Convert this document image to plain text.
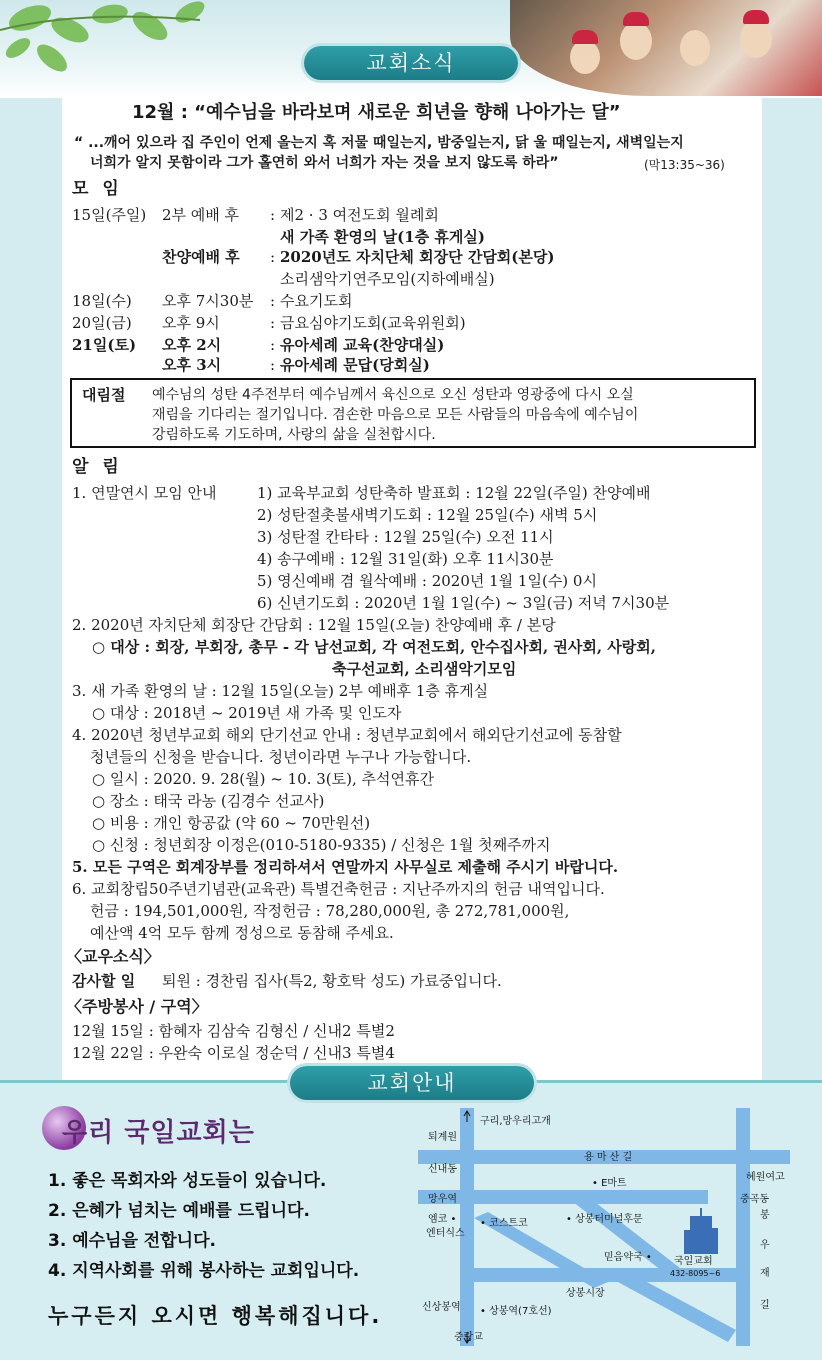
교회소식
12월 : “예수님을 바라보며 새로운 희년을 향해 나아가는 달”
“ ...깨어 있으라 집 주인이 언제 올는지 혹 저물 때일는지, 밤중일는지, 닭 울 때일는지, 새벽일는지
너희가 알지 못함이라 그가 홀연히 와서 너희가 자는 것을 보지 않도록 하라”	(막13:35~36)
모 임
15일(주일) 2부 예배 후 : 제2 · 3 여전도회 월례회
새 가족 환영의 날(1층 휴게실)
찬양예배 후 : 2020년도 자치단체 회장단 간담회(본당)
소리샘악기연주모임(지하예배실)
18일(수) 오후 7시30분 : 수요기도회
20일(금) 오후 9시	: 금요심야기도회(교육위원회)
21일(토) 오후 2시	: 유아세례 교육(찬양대실)
오후 3시	: 유아세례 문답(당회실)
대림절 예수님의 성탄 4주전부터 예수님께서 육신으로 오신 성탄과 영광중에 다시 오실
재림을 기다리는 절기입니다. 겸손한 마음으로 모든 사람들의 마음속에 예수님이
강림하도록 기도하며, 사랑의 삶을 실천합시다.
알 림
1. 연말연시 모임 안내	1) 교육부교회 성탄축하 발표회 : 12월 22일(주일) 찬양예배
2) 성탄절촛불새벽기도회 : 12월 25일(수) 새벽 5시
3) 성탄절 칸타타 : 12월 25일(수) 오전 11시
4) 송구예배 : 12월 31일(화) 오후 11시30분
5) 영신예배 겸 월삭예배 : 2020년 1월 1일(수) 0시
6) 신년기도회 : 2020년 1월 1일(수) ~ 3일(금) 저녁 7시30분
2. 2020년 자치단체 회장단 간담회 : 12월 15일(오늘) 찬양예배 후 / 본당
○ 대상 : 회장, 부회장, 총무 - 각 남선교회, 각 여전도회, 안수집사회, 권사회, 사랑회,
축구선교회, 소리샘악기모임
3. 새 가족 환영의 날 : 12월 15일(오늘) 2부 예배후 1층 휴게실
○ 대상 : 2018년 ~ 2019년 새 가족 및 인도자
4. 2020년 청년부교회 해외 단기선교 안내 : 청년부교회에서 해외단기선교에 동참할
청년들의 신청을 받습니다. 청년이라면 누구나 가능합니다.
○ 일시 : 2020. 9. 28(월) ~ 10. 3(토), 추석연휴간
○ 장소 : 태국 라농 (김경수 선교사)
○ 비용 : 개인 항공값 (약 60 ~ 70만원선)
○ 신청 : 청년회장 이정은(010-5180-9335) / 신청은 1월 첫째주까지
5. 모든 구역은 회계장부를 정리하셔서 연말까지 사무실로 제출해 주시기 바랍니다.
6. 교회창립50주년기념관(교육관) 특별건축헌금 : 지난주까지의 헌금 내역입니다.
헌금 : 194,501,000원, 작정헌금 : 78,280,000원, 총 272,781,000원,
예산액 4억 모두 함께 정성으로 동참해 주세요.
〈교우소식〉
감사할 일 퇴원 : 경찬림 집사(특2, 황호탁 성도) 가료중입니다.
〈주방봉사 / 구역〉
12월 15일 : 함혜자 김삼숙 김형신 / 신내2 특별2
12월 22일 : 우완숙 이로실 정순덕 / 신내3 특별4
교회안내
우리 국일교회는
1. 좋은 목회자와 성도들이 있습니다.
2. 은혜가 넘치는 예배를 드립니다.
3. 예수님을 전합니다.
4. 지역사회를 위해 봉사하는 교회입니다.
누구든지 오시면 행복해집니다.
구리,망우리고개
퇴계원
용 마 산 길
신내동
• E마트
혜원여고
중곡동
망우역
엠코 •
엔터식스
• 코스트코	• 상봉터미널후문
믿음약국 • 국일교회
432-8095~6
봉
우
재
길
상봉시장
신상봉역 • 상봉역(7호선)
중랑교
